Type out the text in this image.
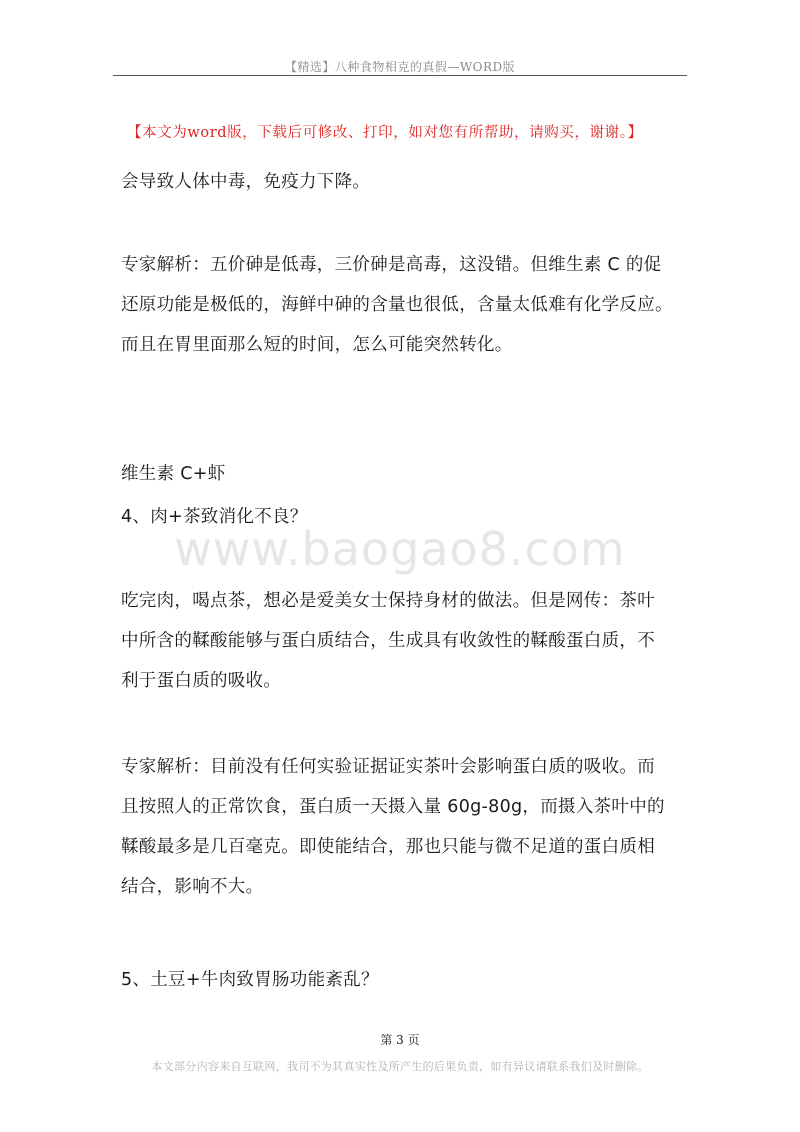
【精选】八种食物相克的真假—WORD版
【本文为word版，下载后可修改、打印，如对您有所帮助，请购买，谢谢。】
www.baogao8.com
会导致人体中毒，免疫力下降。
专家解析：五价砷是低毒，三价砷是高毒，这没错。但维生素 C 的促
还原功能是极低的，海鲜中砷的含量也很低，含量太低难有化学反应。
而且在胃里面那么短的时间，怎么可能突然转化。
维生素 C+虾
4、肉+茶致消化不良？
吃完肉，喝点茶，想必是爱美女士保持身材的做法。但是网传：茶叶
中所含的鞣酸能够与蛋白质结合，生成具有收敛性的鞣酸蛋白质，不
利于蛋白质的吸收。
专家解析：目前没有任何实验证据证实茶叶会影响蛋白质的吸收。而
且按照人的正常饮食，蛋白质一天摄入量 60g-80g，而摄入茶叶中的
鞣酸最多是几百毫克。即使能结合，那也只能与微不足道的蛋白质相
结合，影响不大。
5、土豆+牛肉致胃肠功能紊乱？
第 3 页
本文部分内容来自互联网，我司不为其真实性及所产生的后果负责，如有异议请联系我们及时删除。
